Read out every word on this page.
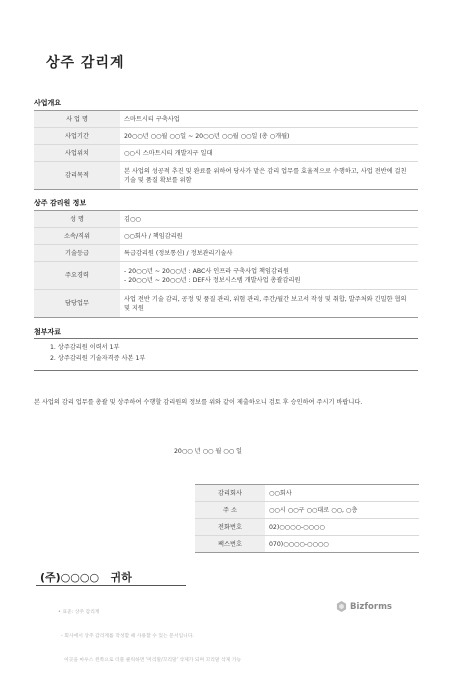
상주 감리계
사업개요
사 업 명	스마트시티 구축사업
사업기간	20○○년 ○○월 ○○일 ~ 20○○년 ○○월 ○○일 (총 ○개월)
사업위치	○○시 스마트시티 개발지구 일대
감리목적	본 사업의 성공적 추진 및 완료를 위하여 당사가 맡은 감리 업무를 효율적으로 수행하고, 사업 전반에 걸친 기술 및 품질 확보를 위함
상주 감리원 정보
성 명	김○○
소속/직위	○○회사 / 책임감리원
기술등급	특급감리원 (정보통신) / 정보관리기술사
주요경력	- 20○○년 ~ 20○○년 : ABC사 인프라 구축사업 책임감리원
- 20○○년 ~ 20○○년 : DEF사 정보시스템 개발사업 총괄감리원

담당업무	사업 전반 기술 감리, 공정 및 품질 관리, 위험 관리, 주간/월간 보고서 작성 및 취합, 발주처와 긴밀한 협의 및 지원
첨부자료
1. 상주감리원 이력서 1부
2. 상주감리원 기술자격증 사본 1부
본 사업의 감리 업무를 총괄 및 상주하여 수행할 감리원의 정보를 위와 같이 제출하오니 검토 후 승인하여 주시기 바랍니다.
20○○ 년 ○○ 월 ○○ 일
감리회사	○○회사
주 소	○○시 ○○구 ○○대로 ○○, ○층
전화번호	02)○○○○-○○○○
팩스번호	070)○○○○-○○○○
(주)○○○○   귀하

• 표준: 상주 감리계

- 회사에서 상주 감리계를 작성할 때 사용할 수 있는 문서입니다.

이곳을 마우스 왼쪽으로 더블 클릭하면 '머리말/꼬리말' 삭제가 되며 꼬리말 삭제 가능

Bizforms
